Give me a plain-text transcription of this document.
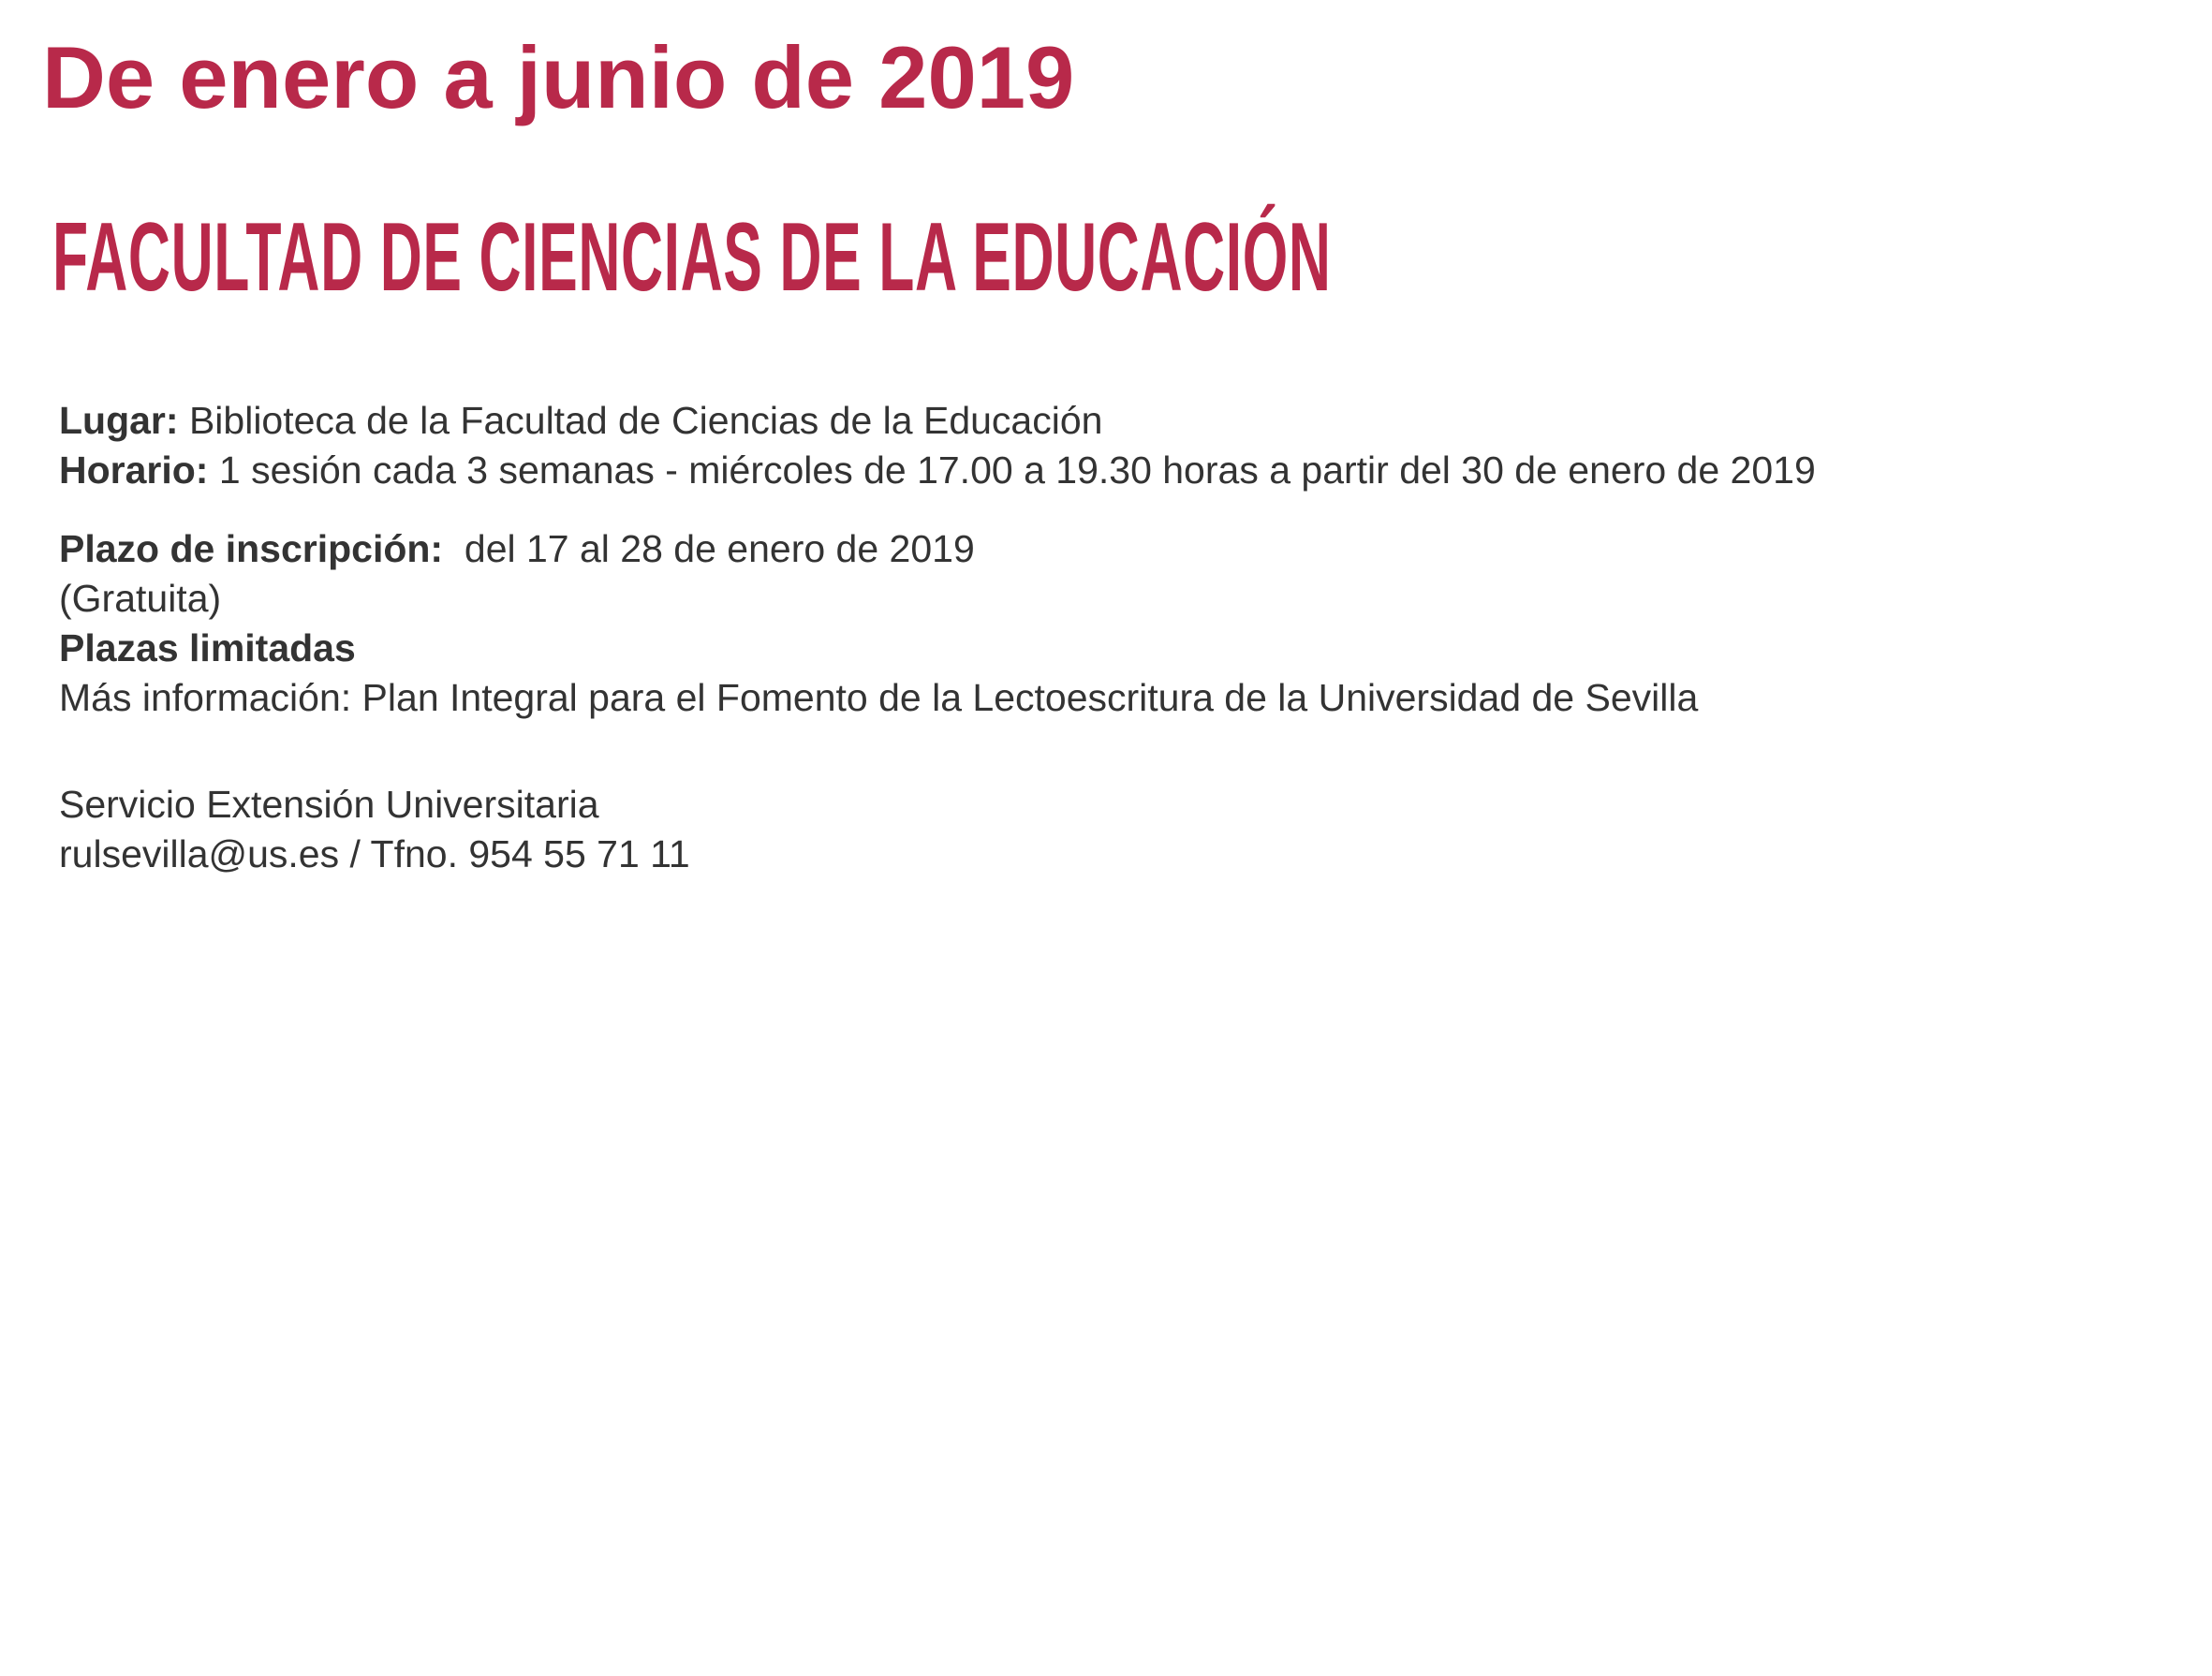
De enero a junio de 2019
FACULTAD DE CIENCIAS DE LA EDUCACIÓN
Lugar: Biblioteca de la Facultad de Ciencias de la Educación
Horario: 1 sesión cada 3 semanas - miércoles de 17.00 a 19.30 horas a partir del 30 de enero de 2019
Plazo de inscripción: del 17 al 28 de enero de 2019
(Gratuita)
Plazas limitadas
Más información: Plan Integral para el Fomento de la Lectoescritura de la Universidad de Sevilla
Servicio Extensión Universitaria
rulsevilla@us.es / Tfno. 954 55 71 11
